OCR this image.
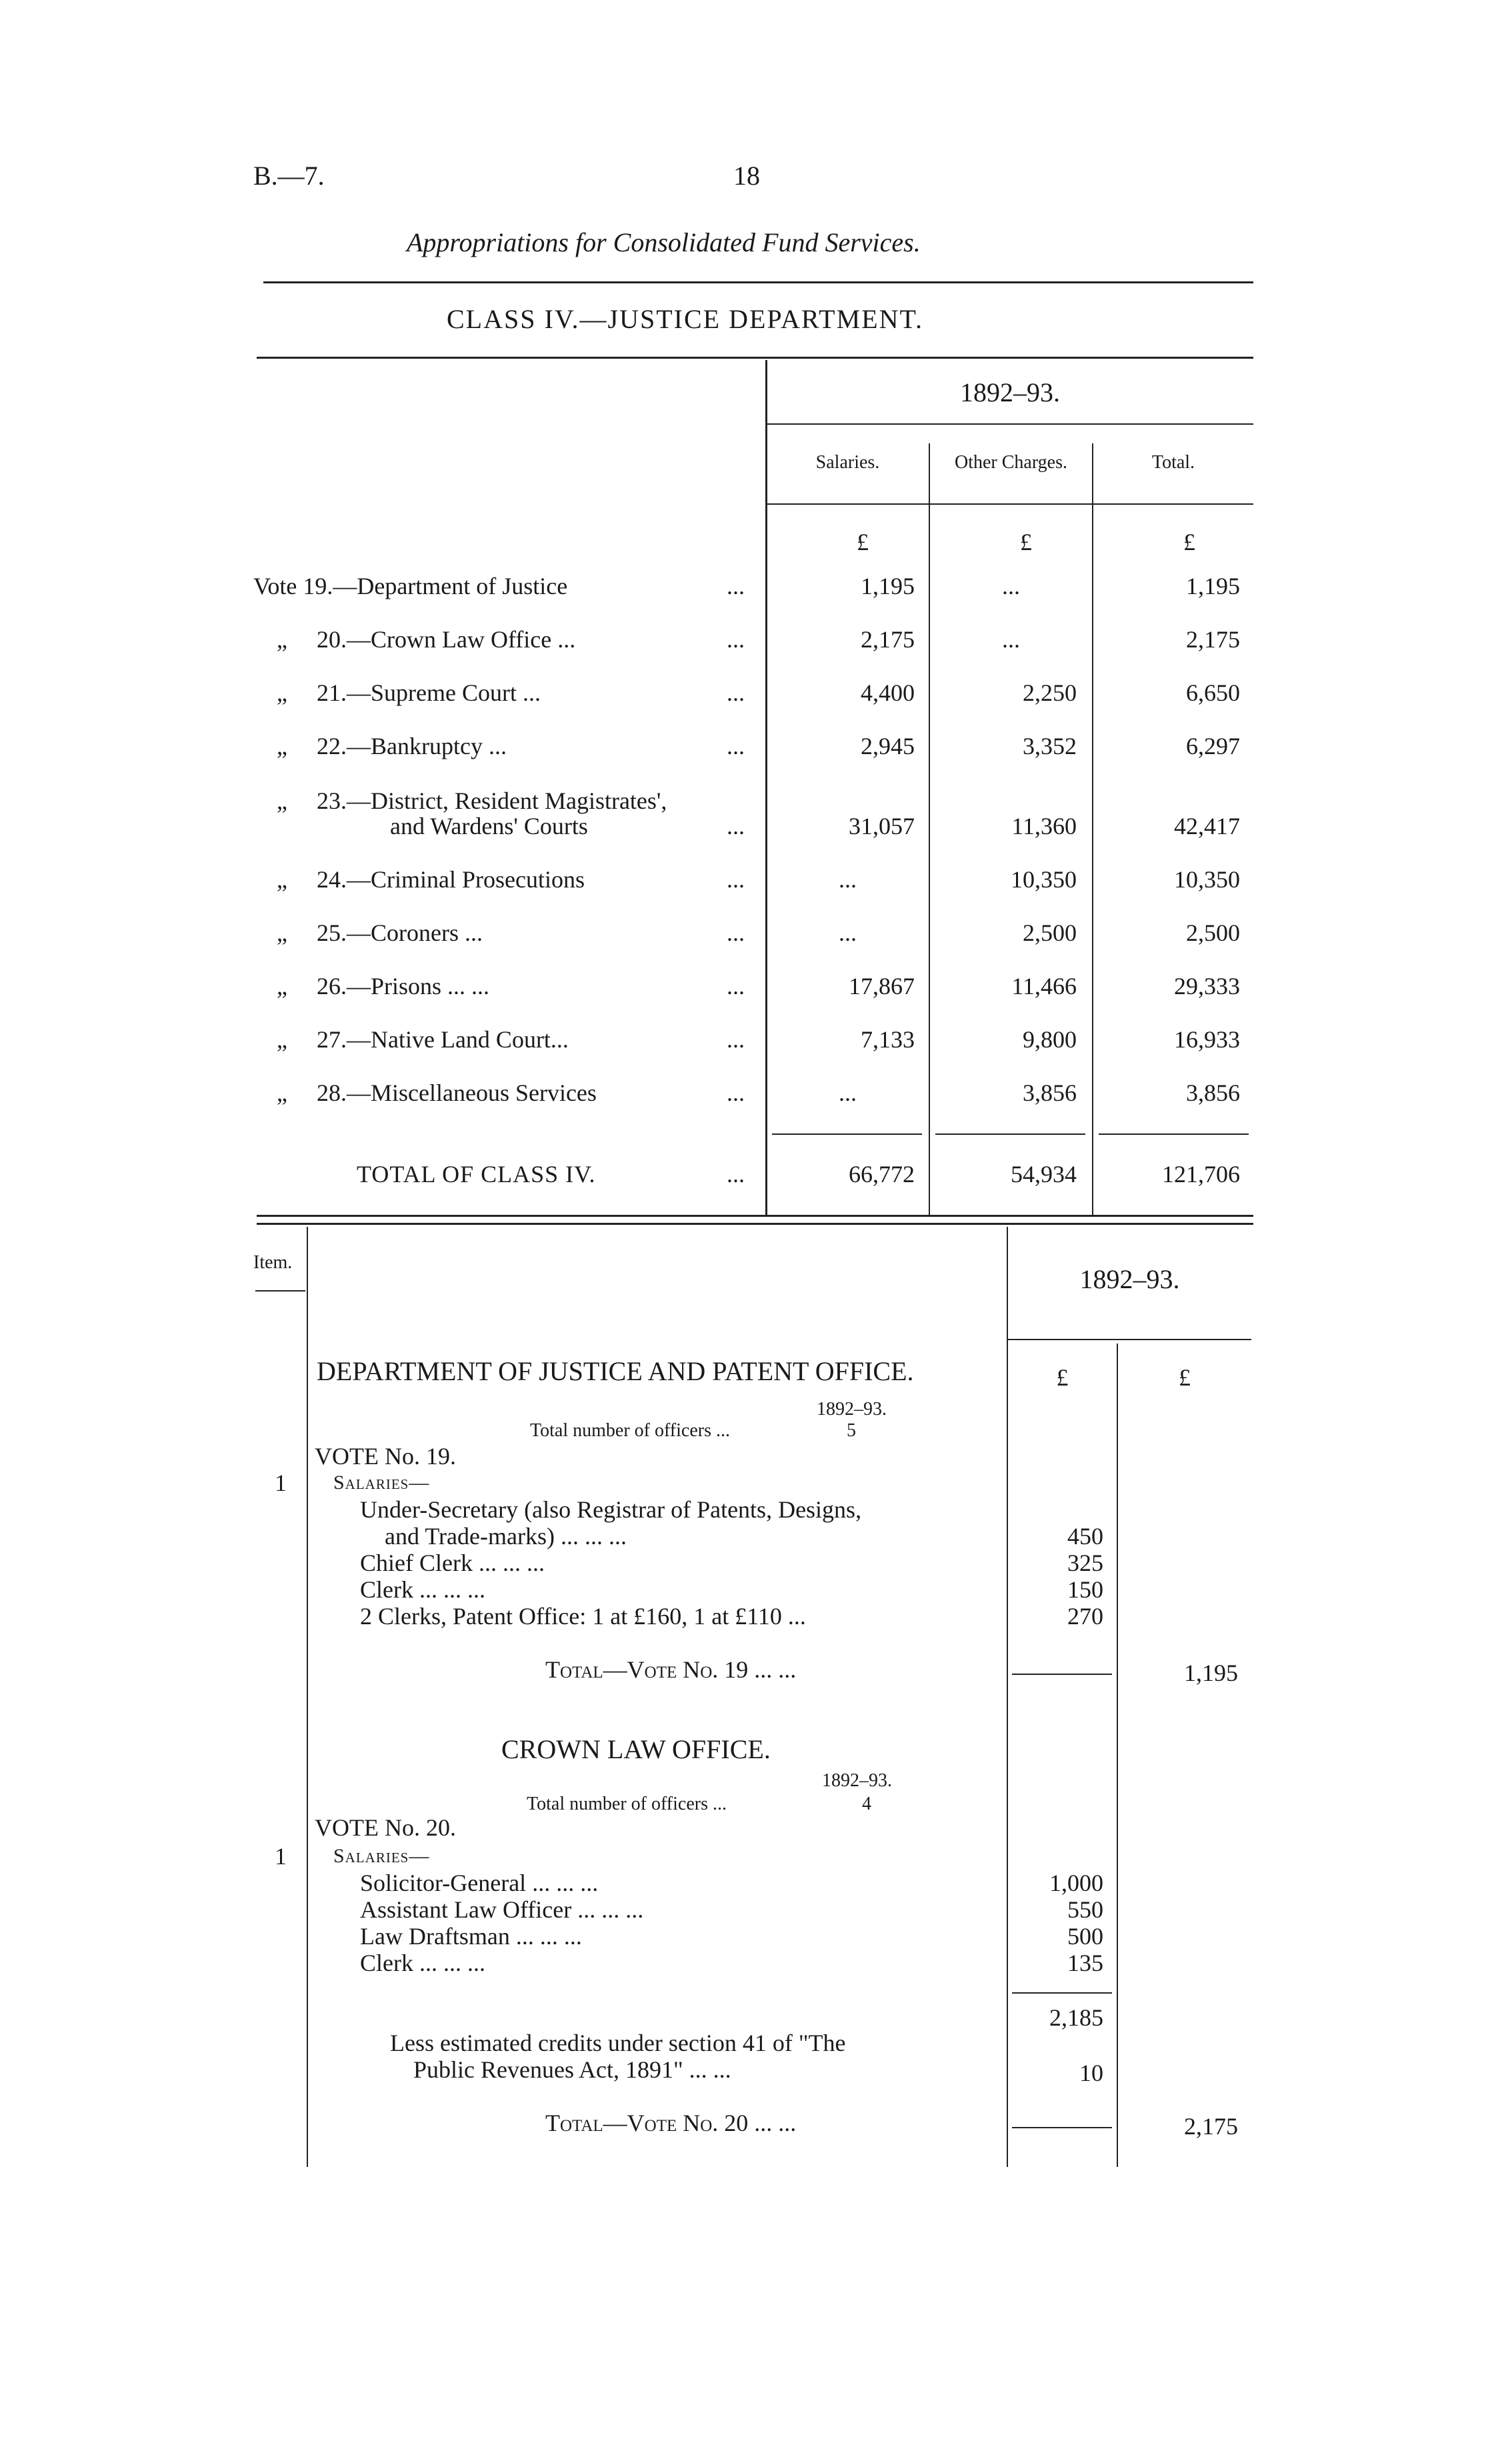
B.—7.	18
Appropriations for Consolidated Fund Services.
CLASS IV.—JUSTICE DEPARTMENT.
1892–93.
Salaries.	Other Charges.	Total.
£	£	£
Vote 19.—Department of Justice	...	1,195	...	1,195
„ 20.—Crown Law Office ...	...	2,175	...	2,175
„ 21.—Supreme Court ...	...	4,400	2,250	6,650
„ 22.—Bankruptcy ...	...	2,945	3,352	6,297
„ 23.—District, Resident Magistrates',
and Wardens' Courts	...	31,057	11,360	42,417
„ 24.—Criminal Prosecutions	...	...	10,350	10,350
„ 25.—Coroners ...	...	...	2,500	2,500
„ 26.—Prisons ... ...	...	17,867	11,466	29,333
„ 27.—Native Land Court...	...	7,133	9,800	16,933
„ 28.—Miscellaneous Services	...	...	3,856	3,856
TOTAL OF CLASS IV.	...	66,772	54,934	121,706
Item.
1892–93.
£	£
DEPARTMENT OF JUSTICE AND PATENT OFFICE.
1892–93.
Total number of officers ...	5
VOTE No. 19.
1 Salaries—
Under-Secretary (also Registrar of Patents, Designs,
and Trade-marks) ... ... ...	450
Chief Clerk ... ... ...	325
Clerk ... ... ...	150
2 Clerks, Patent Office: 1 at £160, 1 at £110 ...	270
Total—Vote No. 19 ... ...	1,195
CROWN LAW OFFICE.
1892–93.
Total number of officers ...	4
VOTE No. 20.
1 Salaries—
Solicitor-General ... ... ...	1,000
Assistant Law Officer ... ... ...	550
Law Draftsman ... ... ...	500
Clerk ... ... ...	135
2,185
Less estimated credits under section 41 of "The
Public Revenues Act, 1891" ... ...	10
Total—Vote No. 20 ... ...	2,175
